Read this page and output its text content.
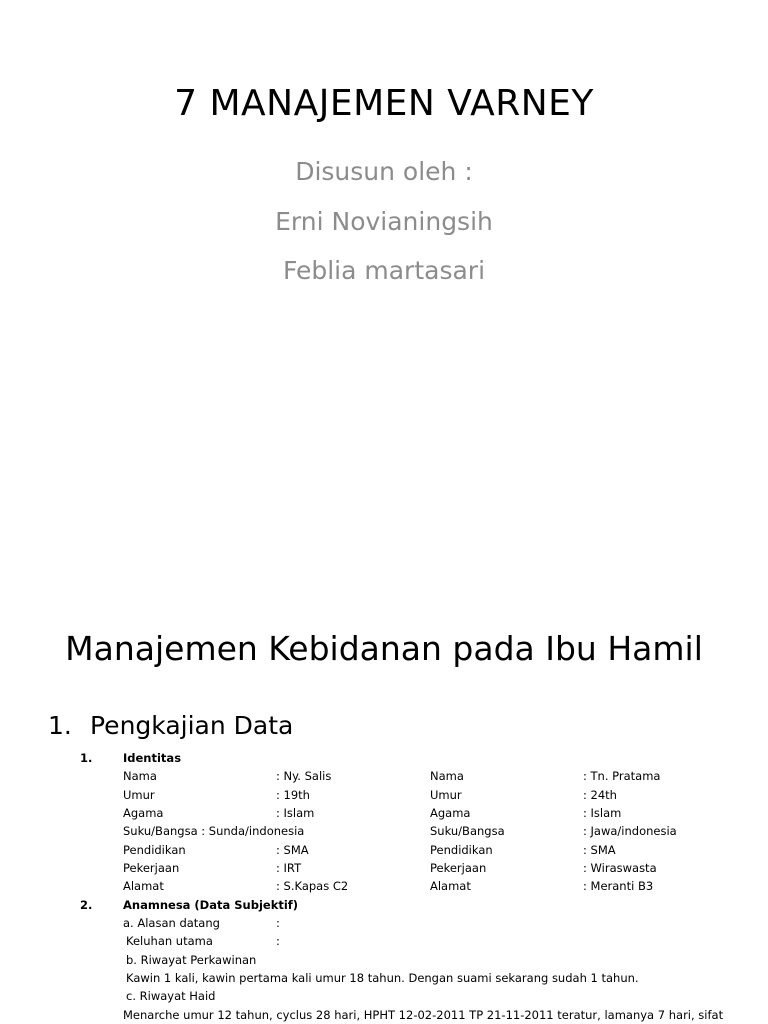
7 MANAJEMEN VARNEY
Disusun oleh :
Erni Novianingsih
Feblia martasari
Manajemen Kebidanan pada Ibu Hamil
1. Pengkajian Data
1.	Identitas
Nama	: Ny. Salis	Nama	: Tn. Pratama
Umur	: 19th	Umur	: 24th
Agama	: Islam	Agama	: Islam
Suku/Bangsa : Sunda/indonesia	Suku/Bangsa	: Jawa/indonesia
Pendidikan	: SMA	Pendidikan	: SMA
Pekerjaan	: IRT	Pekerjaan	: Wiraswasta
Alamat	: S.Kapas C2	Alamat	: Meranti B3
2.	Anamnesa (Data Subjektif)
a. Alasan datang	:
Keluhan utama	:
b. Riwayat Perkawinan
Kawin 1 kali, kawin pertama kali umur 18 tahun. Dengan suami sekarang sudah 1 tahun.
c. Riwayat Haid
Menarche umur 12 tahun, cyclus 28 hari, HPHT 12-02-2011 TP 21-11-2011 teratur, lamanya 7 hari, sifat
